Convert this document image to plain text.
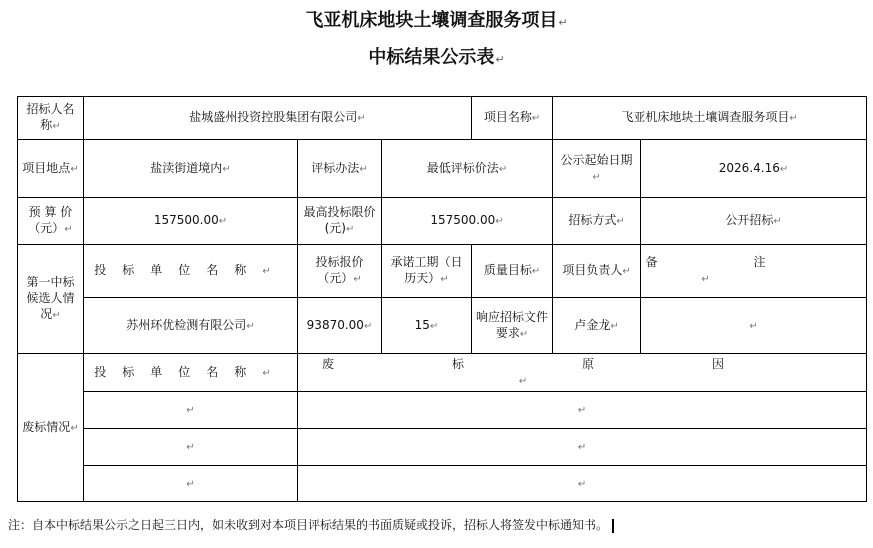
飞亚机床地块土壤调查服务项目↵
中标结果公示表↵
招标人名称↵	盐城盛州投资控股集团有限公司↵			项目名称↵	飞亚机床地块土壤调查服务项目↵	
项目地点↵	盐渎街道境内↵	评标办法↵	最低评标价法↵		公示起始日期↵	2026.4.16↵
预 算 价（元）↵	157500.00↵	最高投标限价(元)↵	157500.00↵		招标方式↵	公开招标↵
第一中标候选人情况↵	投标单位名称↵	投标报价（元）↵	承诺工期（日历天）↵	质量目标↵	项目负责人↵	备注↵
	苏州环优检测有限公司↵	93870.00↵	15↵	响应招标文件要求↵	卢金龙↵	↵
废标情况↵	投标单位名称↵	废标原因↵				
	↵	↵				
	↵	↵				
	↵	↵				
注：自本中标结果公示之日起三日内，如未收到对本项目评标结果的书面质疑或投诉，招标人将签发中标通知书。
